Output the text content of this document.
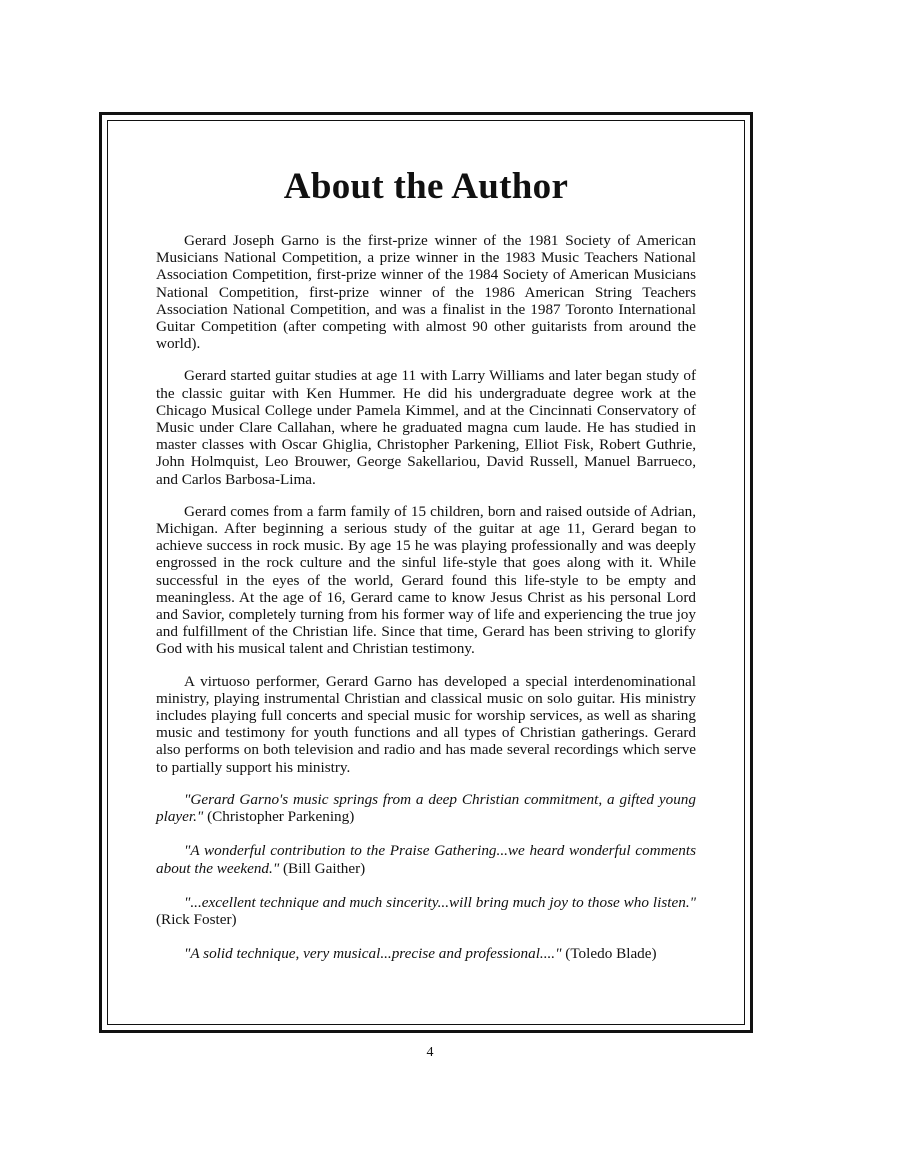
About the Author

Gerard Joseph Garno is the first-prize winner of the 1981 Society of American Musicians National Competition, a prize winner in the 1983 Music Teachers National Association Competition, first-prize winner of the 1984 Society of American Musicians National Competition, first-prize winner of the 1986 American String Teachers Association National Competition, and was a finalist in the 1987 Toronto International Guitar Competition (after competing with almost 90 other guitarists from around the world).

Gerard started guitar studies at age 11 with Larry Williams and later began study of the classic guitar with Ken Hummer. He did his undergraduate degree work at the Chicago Musical College under Pamela Kimmel, and at the Cincinnati Conservatory of Music under Clare Callahan, where he graduated magna cum laude. He has studied in master classes with Oscar Ghiglia, Christopher Parkening, Elliot Fisk, Robert Guthrie, John Holmquist, Leo Brouwer, George Sakellariou, David Russell, Manuel Barrueco, and Carlos Barbosa-Lima.

Gerard comes from a farm family of 15 children, born and raised outside of Adrian, Michigan. After beginning a serious study of the guitar at age 11, Gerard began to achieve success in rock music. By age 15 he was playing professionally and was deeply engrossed in the rock culture and the sinful life-style that goes along with it. While successful in the eyes of the world, Gerard found this life-style to be empty and meaningless. At the age of 16, Gerard came to know Jesus Christ as his personal Lord and Savior, completely turning from his former way of life and experiencing the true joy and fulfillment of the Christian life. Since that time, Gerard has been striving to glorify God with his musical talent and Christian testimony.

A virtuoso performer, Gerard Garno has developed a special interdenominational ministry, playing instrumental Christian and classical music on solo guitar. His ministry includes playing full concerts and special music for worship services, as well as sharing music and testimony for youth functions and all types of Christian gatherings. Gerard also performs on both television and radio and has made several recordings which serve to partially support his ministry.

"Gerard Garno's music springs from a deep Christian commitment, a gifted young player." (Christopher Parkening)

"A wonderful contribution to the Praise Gathering...we heard wonderful comments about the weekend." (Bill Gaither)

"...excellent technique and much sincerity...will bring much joy to those who listen." (Rick Foster)

"A solid technique, very musical...precise and professional...." (Toledo Blade)

4
